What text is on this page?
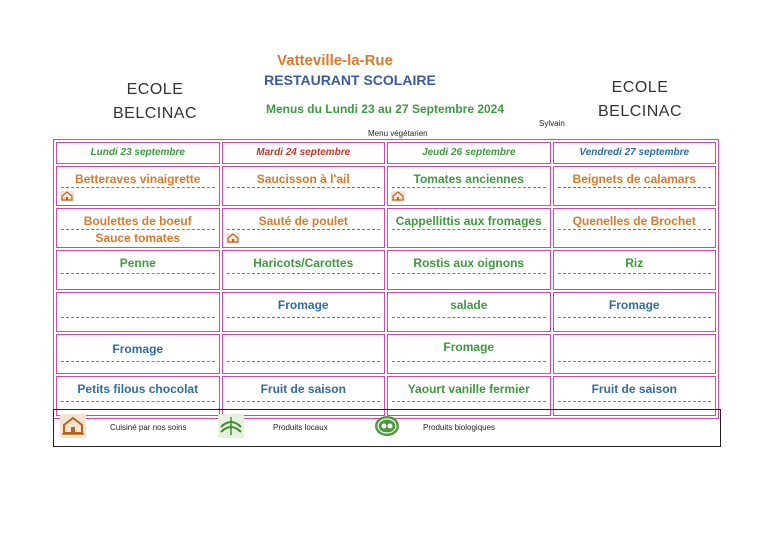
ECOLE
BELCINAC
ECOLE
BELCINAC
Vatteville-la-Rue
RESTAURANT SCOLAIRE
Menus du Lundi 23 au 27 Septembre 2024
Sylvain
Menu végétarien
Lundi 23 septembre	Mardi 24 septembre	Jeudi 26 septembre	Vendredi 27 septembre

Betteraves vinaigrette	Saucisson à l'ail	Tomates anciennes	Beignets de calamars

Boulettes de boeuf
Sauce tomates	Sauté de poulet	Cappellittis aux fromages	Quenelles de Brochet

Penne	Haricots/Carottes	Rostis aux oignons	Riz

	Fromage	salade	Fromage

Fromage		Fromage	

Petits filous chocolat	Fruit de saison	Yaourt vanille fermier	Fruit de saison
Cuisiné par nos soins	Produits locaux	Produits biologiques
